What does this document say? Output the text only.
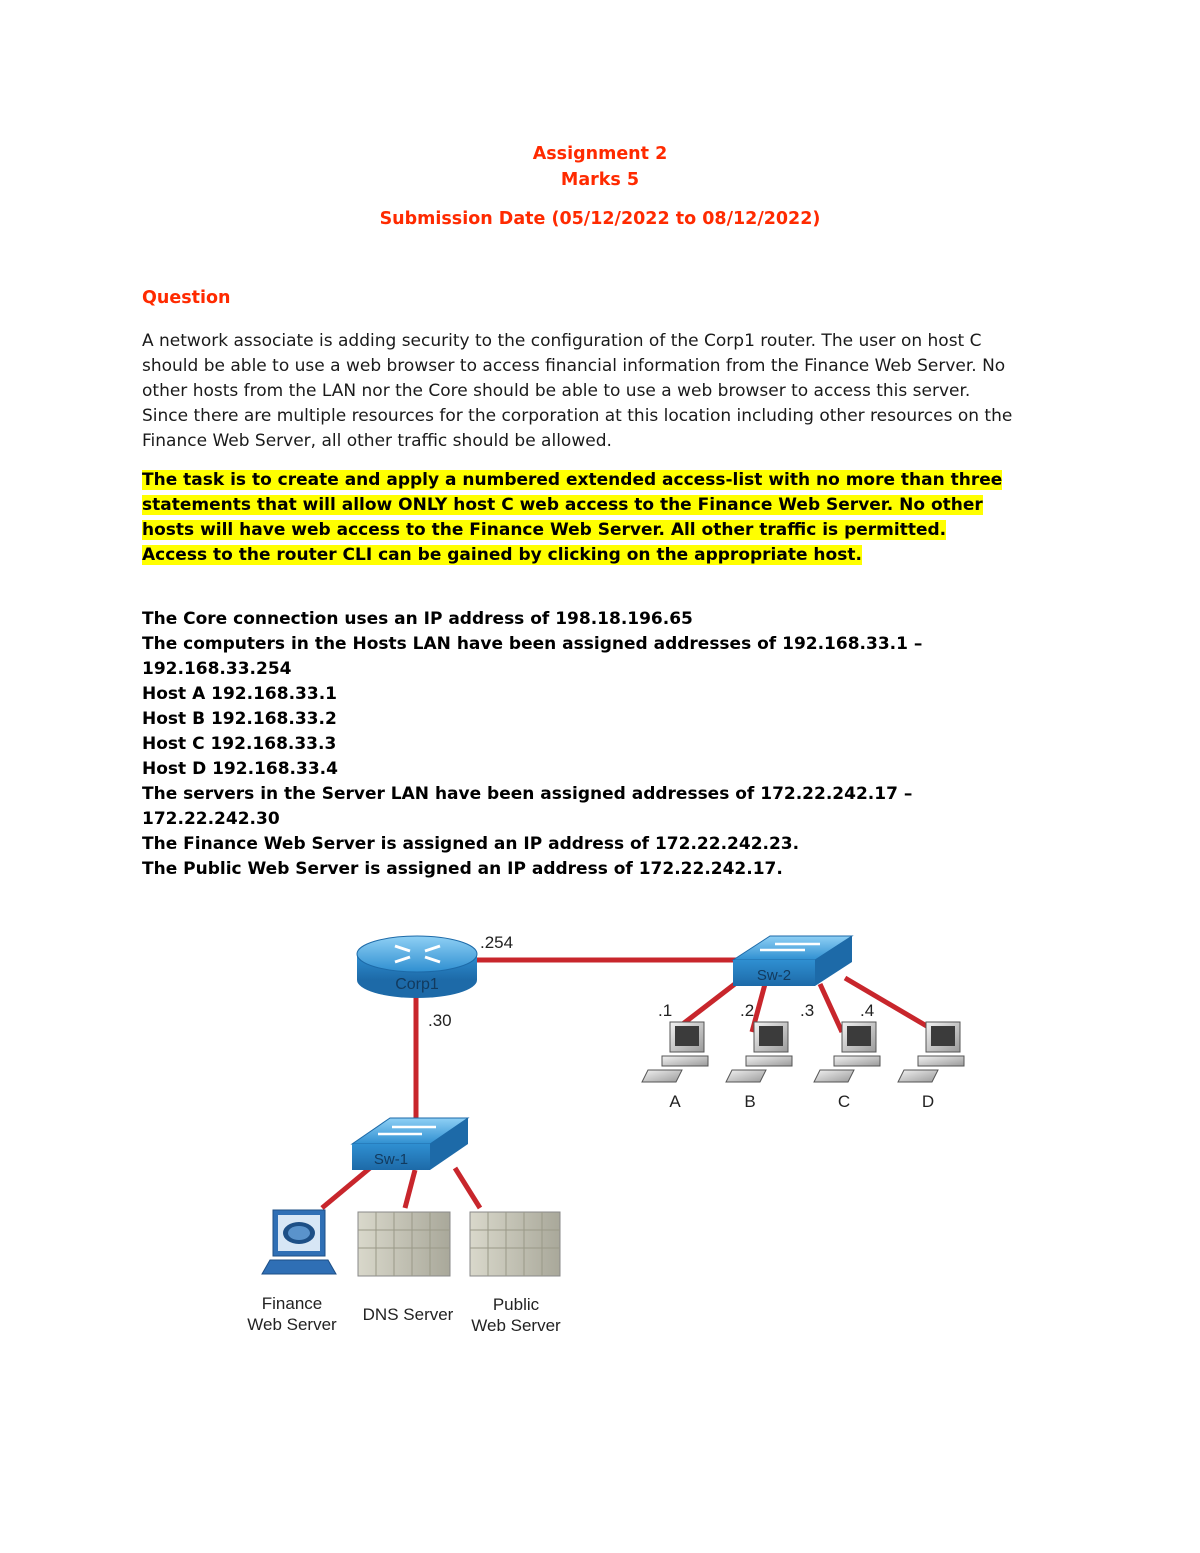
Assignment 2
Marks 5
Submission Date (05/12/2022 to 08/12/2022)
Question
A network associate is adding security to the configuration of the Corp1 router. The user on host C
should be able to use a web browser to access financial information from the Finance Web Server. No
other hosts from the LAN nor the Core should be able to use a web browser to access this server.
Since there are multiple resources for the corporation at this location including other resources on the
Finance Web Server, all other traffic should be allowed.
The task is to create and apply a numbered extended access-list with no more than three
statements that will allow ONLY host C web access to the Finance Web Server. No other
hosts will have web access to the Finance Web Server. All other traffic is permitted.
Access to the router CLI can be gained by clicking on the appropriate host.
The Core connection uses an IP address of 198.18.196.65
The computers in the Hosts LAN have been assigned addresses of 192.168.33.1 –
192.168.33.254
Host A 192.168.33.1
Host B 192.168.33.2
Host C 192.168.33.3
Host D 192.168.33.4
The servers in the Server LAN have been assigned addresses of 172.22.242.17 –
172.22.242.30
The Finance Web Server is assigned an IP address of 172.22.242.23.
The Public Web Server is assigned an IP address of 172.22.242.17.
Corp1
.254
.30
Sw-2
Sw-1
.1	.2	.3	.4
A	B	C	D
Finance
Web Server
DNS Server
Public
Web Server
